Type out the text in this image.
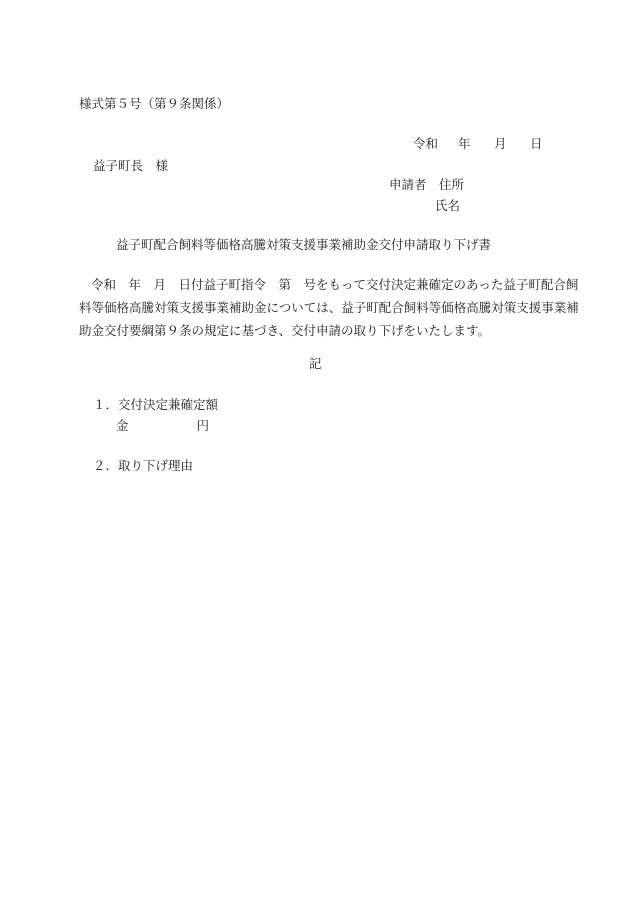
様式第５号（第９条関係）
令和 年 月 日
益子町長　様
申請者　住所
氏名
益子町配合飼料等価格高騰対策支援事業補助金交付申請取り下げ書
令和　年　月　日付益子町指令　第　号をもって交付決定兼確定のあった益子町配合飼
料等価格高騰対策支援事業補助金については、益子町配合飼料等価格高騰対策支援事業補
助金交付要綱第９条の規定に基づき、交付申請の取り下げをいたします。
記
１．交付決定兼確定額
金	円
２．取り下げ理由
